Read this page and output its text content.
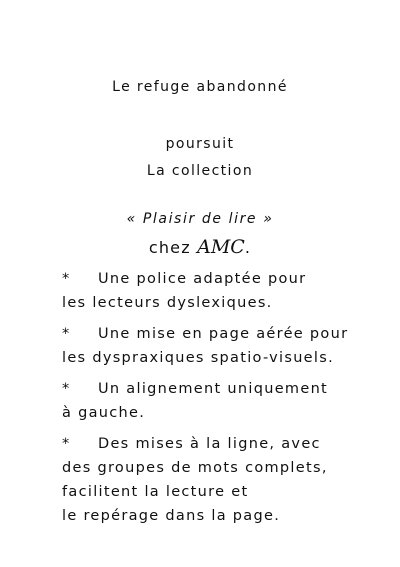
Le refuge abandonné
poursuit
La collection
« Plaisir de lire »
chez AMC.
* Une police adaptée pour
les lecteurs dyslexiques.
* Une mise en page aérée pour
les dyspraxiques spatio-visuels.
* Un alignement uniquement
à gauche.
* Des mises à la ligne, avec
des groupes de mots complets,
facilitent la lecture et
le repérage dans la page.
